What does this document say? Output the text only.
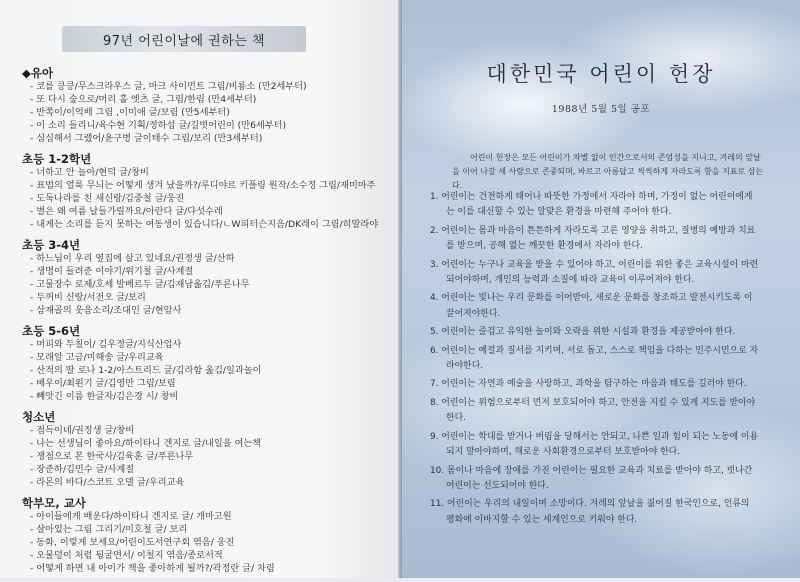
97년 어린이날에 권하는 책
◆유아
- 코를 킁킁/무스크라우스 글, 마크 사이먼트 그림/비룡소 (만2세부터)
- 또 다시 숲으로/머리 홀 엣츠 글, 그림/한림 (만4세부터)
- 반쪽이/이억배 그림 ,이미애 글/보림 (만5세부터)
- 이 소리 들리니/육수현 기획/정하섭 글/길벗어린이 (만6세부터)
- 심심해서 그랬어/윤구병 글이태수 그림/보리 (만3세부터)
초등 1-2학년
- 너하고 안 놀아/현덕 글/창비
- 표범의 얼룩 무늬는 어떻게 생겨 났을까?/루디야르 키플링 원작/소수정 그림/재미마주
- 도둑나라를 친 새신랑/김중철 글/웅진
- 별은 왜 여름 날들가릴까요/아란다 글/다섯수레
- 내게는 소리를 듣지 못하는 여동생이 있습니다/ㄴW피터슨지음/DK레이 그림/히말라야
초등 3-4년
- 하느님이 우리 옆집에 살고 있네요/권정생 글/산하
- 생명이 들려준 이야기/위기철 글/사계절
- 고물장수 로제/호세 발베르두 글/김재남옮김/푸른나무
- 두꺼비 신랑/서전오 글/보리
- 삼재골의 웃음소리/조대인 글/현암사
초등 5-6년
- 머피와 두칠이/ 김우정글/지식산업사
- 모래알 고금/미해송 글/우리교육
- 산적의 딸 로나 1-2/아스트리드 글/김라함 옮김/일과놀이
- 배우이/최왼기 글/김영만 그림/보림
- 빼앗긴 이름 한글자/김은경 시/ 창비
청소년
- 점득이네/권정생 글/창비
- 나는 선생님이 좋아요/하이타니 겐지로 글/내일을 여는책
- 쟁점으로 본 한국사/김육훈 글/푸른나무
- 장준하/김민수 글/사계절
- 라몬의 바다/스코트 오델 글/우리교육
학부모, 교사
- 아이들에게 배운다/하이타니 겐지로 글/ 개마고원
- 살아있는 그림 그리기/이호철 글/ 보리
- 동화, 이렇게 보세요/어린이도서연구회 엮음/ 웅진
- 오물덩이 처럼 뒹굴면서/ 이철지 엮음/종로서적
- 어떻게 하면 내 아이가 책을 좋아하게 될까?/곽정란 글/ 차림
대한민국 어린이 헌장
1988년 5월 5일 공포
어린이 헌장은 모든 어린이가 차별 없이 인간으로서의 존엄성을 지니고, 겨레의 앞날을 이어 나갈 새 사람으로 존중되며, 바르고 아름답고 씩씩하게 자라도록 함을 지표로 삼는다.
1. 어린이는 건전하게 태어나 따뜻한 가정에서 자라야 하며, 가정이 없는 어린이에게는 이를 대신할 수 있는 알맞은 환경을 마련해 주어야 한다.
2. 어린이는 몸과 마음이 튼튼하게 자라도록 고른 영양을 취하고, 질병의 예방과 치료를 받으며, 공해 없는 깨끗한 환경에서 자라야 한다.
3. 어린이는 누구나 교육을 받을 수 있어야 하고, 어린이를 위한 좋은 교육시설이 마련되어야하며, 개인의 능력과 소질에 따라 교육이 이루어져야 한다.
4. 어린이는 빛나는 우리 문화를 이어받아, 새로운 문화를 창조하고 발전시키도록 이끌어져야한다.
5. 어린이는 즐겁고 유익한 놀이와 오락을 위한 시설과 환경을 제공받아야 한다.
6. 어린이는 예절과 질서를 지키며, 서로 돕고, 스스로 책임을 다하는 민주시민으로 자라야한다.
7. 어린이는 자연과 예술을 사랑하고, 과학을 탐구하는 마음과 태도를 길러야 한다.
8. 어린이는 위험으로부터 먼저 보호되어야 하고, 안전을 지킬 수 있게 지도를 받아야 한다.
9. 어린이는 학대를 받거나 버림을 당해서는 안되고, 나쁜 일과 힘이 되는 노동에 이용되지 말아야하며, 해로운 사회환경으로부터 보호받아야 한다.
10. 몸이나 마음에 장애를 가진 어린이는 필요한 교육과 치료를 받아야 하고, 빗나간 어린이는 선도되어야 한다.
11. 어린이는 우리의 내일이며 소망이다. 겨레의 앞날을 짊어질 한국인으로, 인류의 평화에 이바지할 수 있는 세계인으로 키워야 한다.
